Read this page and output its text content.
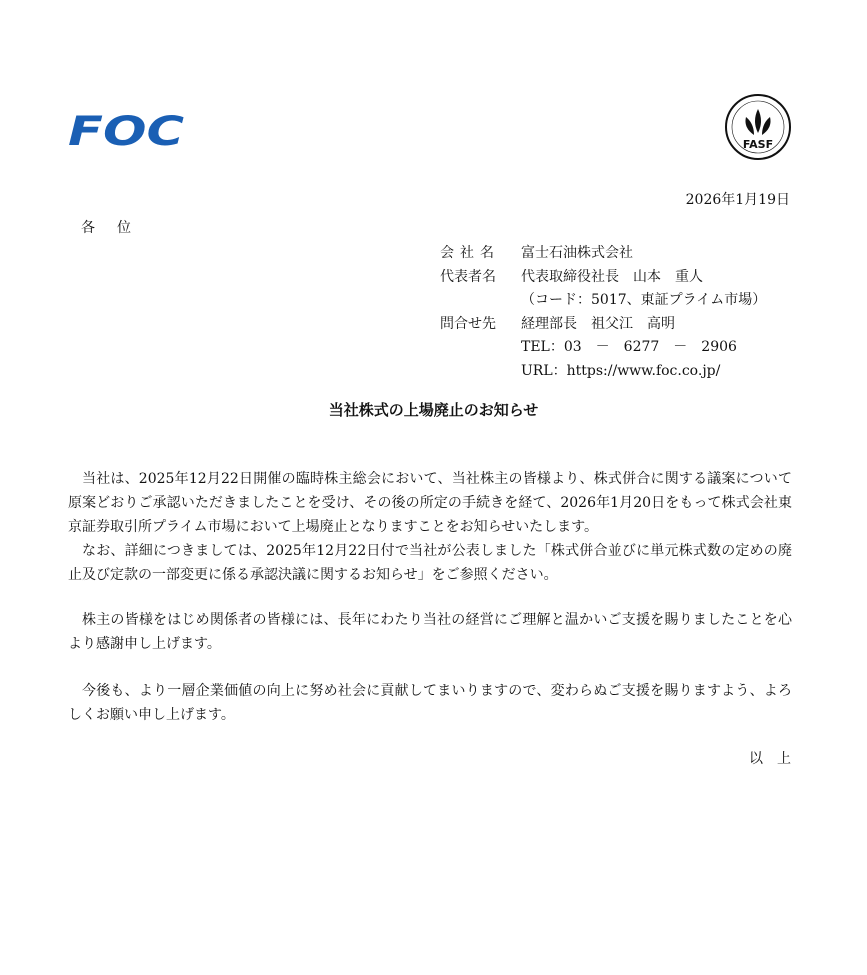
FOC	FASF
2026年1月19日
各位
会社名	富士石油株式会社
代表者名	代表取締役社長　山本　重人
（コード：5017、東証プライム市場）
問合せ先	経理部長　祖父江　高明
TEL：03　－　6277　－　2906
URL：https://www.foc.co.jp/
当社株式の上場廃止のお知らせ

当社は、2025年12月22日開催の臨時株主総会において、当社株主の皆様より、株式併合に関する議案について原案どおりご承認いただきましたことを受け、その後の所定の手続きを経て、2026年1月20日をもって株式会社東京証券取引所プライム市場において上場廃止となりますことをお知らせいたします。

なお、詳細につきましては、2025年12月22日付で当社が公表しました「株式併合並びに単元株式数の定めの廃止及び定款の一部変更に係る承認決議に関するお知らせ」をご参照ください。

株主の皆様をはじめ関係者の皆様には、長年にわたり当社の経営にご理解と温かいご支援を賜りましたことを心より感謝申し上げます。

今後も、より一層企業価値の向上に努め社会に貢献してまいりますので、変わらぬご支援を賜りますよう、よろしくお願い申し上げます。

以上
